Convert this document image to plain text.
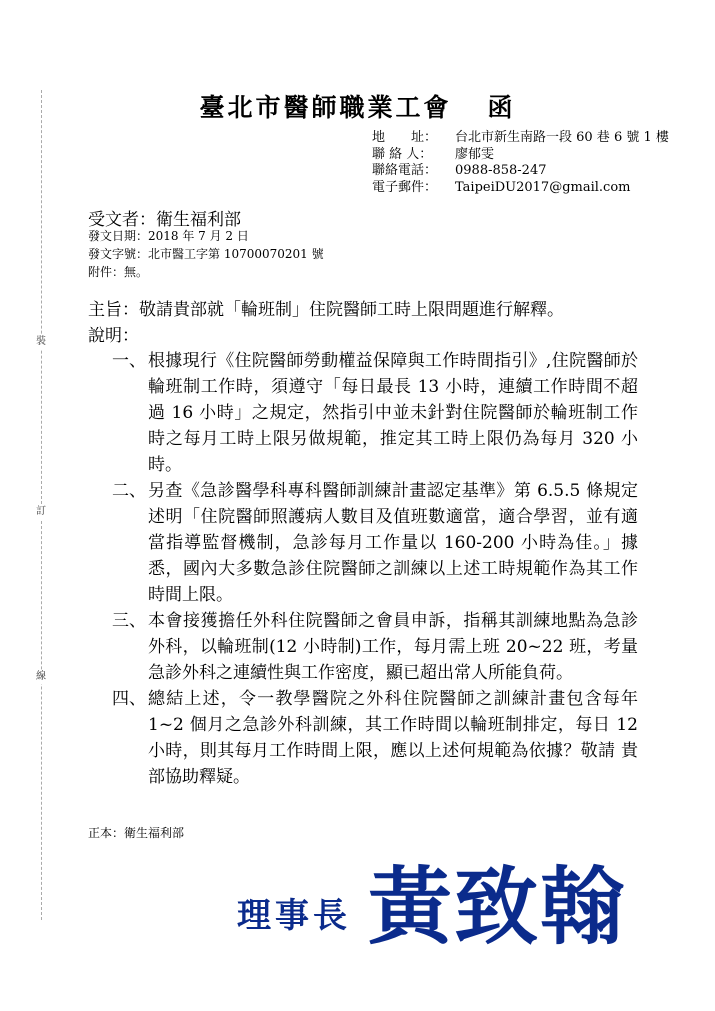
裝
訂
線
臺北市醫師職業工會 函
地　　址： 台北市新生南路一段 60 巷 6 號 1 樓
聯 絡 人： 廖郁雯
聯絡電話： 0988-858-247
電子郵件： TaipeiDU2017@gmail.com
受文者：衛生福利部
發文日期：2018 年 7 月 2 日
發文字號：北市醫工字第 10700070201 號
附件：無。
主旨：敬請貴部就「輪班制」住院醫師工時上限問題進行解釋。
說明：
一、 根據現行《住院醫師勞動權益保障與工作時間指引》,住院醫師於輪班制工作時，須遵守「每日最長 13 小時，連續工作時間不超過 16 小時」之規定，然指引中並未針對住院醫師於輪班制工作時之每月工時上限另做規範，推定其工時上限仍為每月 320 小時。
二、 另查《急診醫學科專科醫師訓練計畫認定基準》第 6.5.5 條規定述明「住院醫師照護病人數目及值班數適當，適合學習，並有適當指導監督機制，急診每月工作量以 160-200 小時為佳。」據悉，國內大多數急診住院醫師之訓練以上述工時規範作為其工作時間上限。
三、 本會接獲擔任外科住院醫師之會員申訴，指稱其訓練地點為急診外科，以輪班制(12 小時制)工作，每月需上班 20~22 班，考量急診外科之連續性與工作密度，顯已超出常人所能負荷。
四、 總結上述，令一教學醫院之外科住院醫師之訓練計畫包含每年 1~2 個月之急診外科訓練，其工作時間以輪班制排定，每日 12 小時，則其每月工作時間上限，應以上述何規範為依據？敬請 貴部協助釋疑。
正本：衛生福利部
理事長 黃致翰
